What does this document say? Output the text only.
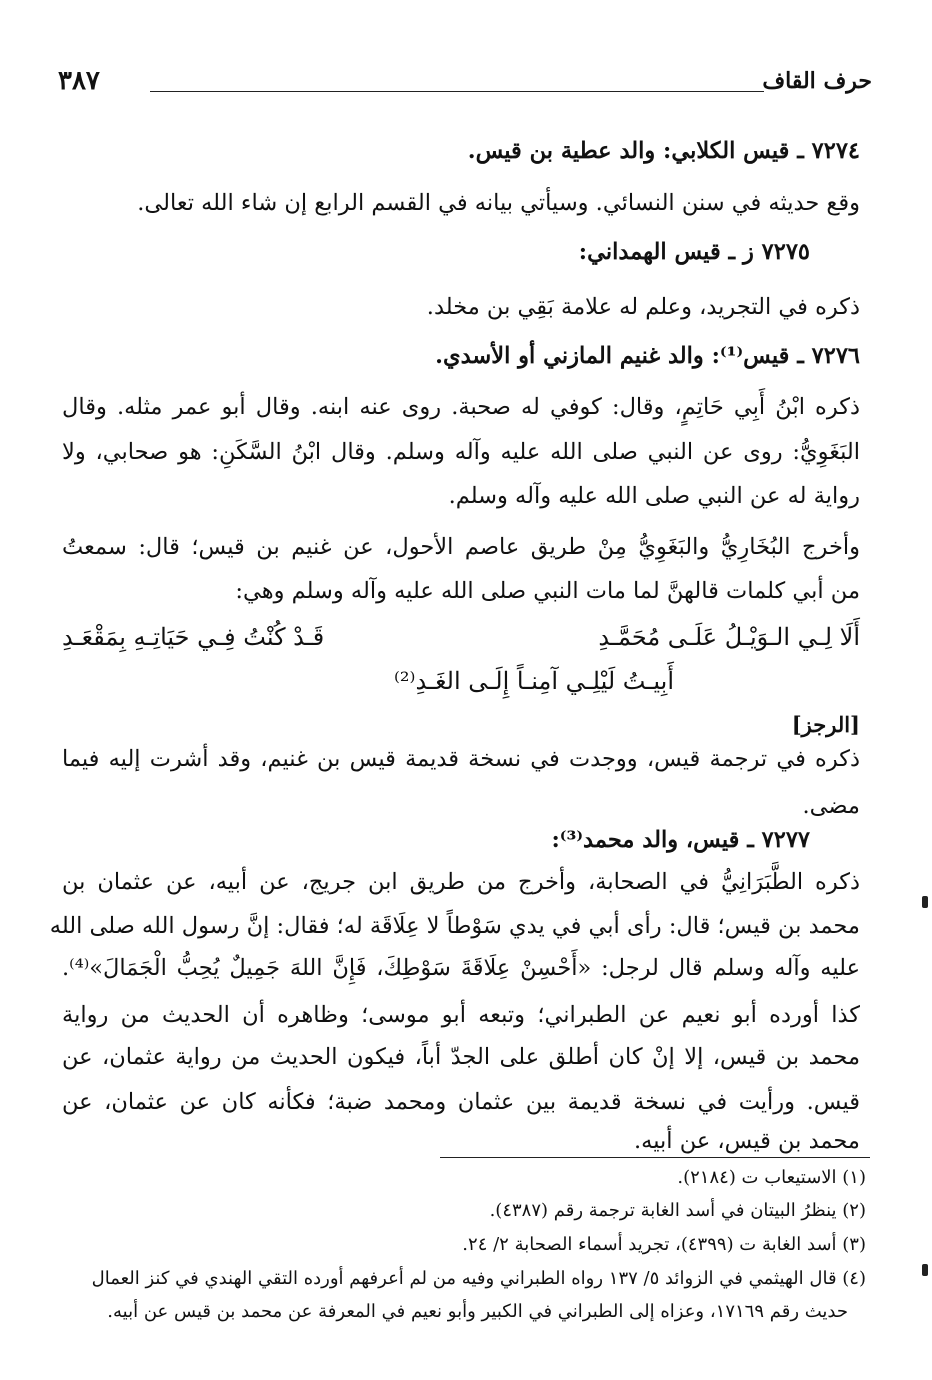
حرف القاف
٣٨٧
٧٢٧٤ ـ قيس الكلابي: والد عطية بن قيس.
وقع حديثه في سنن النسائي. وسيأتي بيانه في القسم الرابع إن شاء الله تعالى.
٧٢٧٥ ز ـ قيس الهمداني:
ذكره في التجريد، وعلم له علامة بَقِي بن مخلد.
٧٢٧٦ ـ قيس⁽¹⁾: والد غنيم المازني أو الأسدي.
ذكره ابْنُ أَبِي حَاتِمٍ، وقال: كوفي له صحبة. روى عنه ابنه. وقال أبو عمر مثله. وقال
البَغَوِيُّ: روى عن النبي صلى الله عليه وآله وسلم. وقال ابْنُ السَّكَنِ: هو صحابي، ولا
رواية له عن النبي صلى الله عليه وآله وسلم.
وأخرج البُخَارِيُّ والبَغَوِيُّ مِنْ طريق عاصم الأحول، عن غنيم بن قيس؛ قال: سمعتُ
من أبي كلمات قالهنَّ لما مات النبي صلى الله عليه وآله وسلم وهي:
أَلَا لِـي الـوَيْـلُ عَلَـى مُحَمَّـدِ
قَـدْ كُنْتُ فِـي حَيَاتِـهِ بِمَقْعَـدِ
أَبِيـتُ لَيْلِـي آمِنـاً إِلَـى الغَـدِ⁽²⁾
[الرجز]
ذكره في ترجمة قيس، ووجدت في نسخة قديمة قيس بن غنيم، وقد أشرت إليه فيما
مضى.
٧٢٧٧ ـ قيس، والد محمد⁽³⁾:
ذكره الطَّبَرَانِيُّ في الصحابة، وأخرج من طريق ابن جريج، عن أبيه، عن عثمان بن
محمد بن قيس؛ قال: رأى أبي في يدي سَوْطاً لا عِلَاقَة له؛ فقال: إنَّ رسول الله صلى الله
عليه وآله وسلم قال لرجل: «أَحْسِنْ عِلَاقَةَ سَوْطِكَ، فَإِنَّ اللهَ جَمِيلٌ يُحِبُّ الْجَمَالَ»⁽⁴⁾.
كذا أورده أبو نعيم عن الطبراني؛ وتبعه أبو موسى؛ وظاهره أن الحديث من رواية
محمد بن قيس، إلا إنْ كان أطلق على الجدّ أباً، فيكون الحديث من رواية عثمان، عن
قيس. ورأيت في نسخة قديمة بين عثمان ومحمد ضبة؛ فكأنه كان عن عثمان، عن
محمد بن قيس، عن أبيه.
(١) الاستيعاب ت (٢١٨٤).
(٢) ينظرُ البيتان في أسد الغابة ترجمة رقم (٤٣٨٧).
(٣) أسد الغابة ت (٤٣٩٩)، تجريد أسماء الصحابة ٢/ ٢٤.
(٤) قال الهيثمي في الزوائد ٥/ ١٣٧ رواه الطبراني وفيه من لم أعرفهم أورده التقي الهندي في كنز العمال
حديث رقم ١٧١٦٩، وعزاه إلى الطبراني في الكبير وأبو نعيم في المعرفة عن محمد بن قيس عن أبيه.
